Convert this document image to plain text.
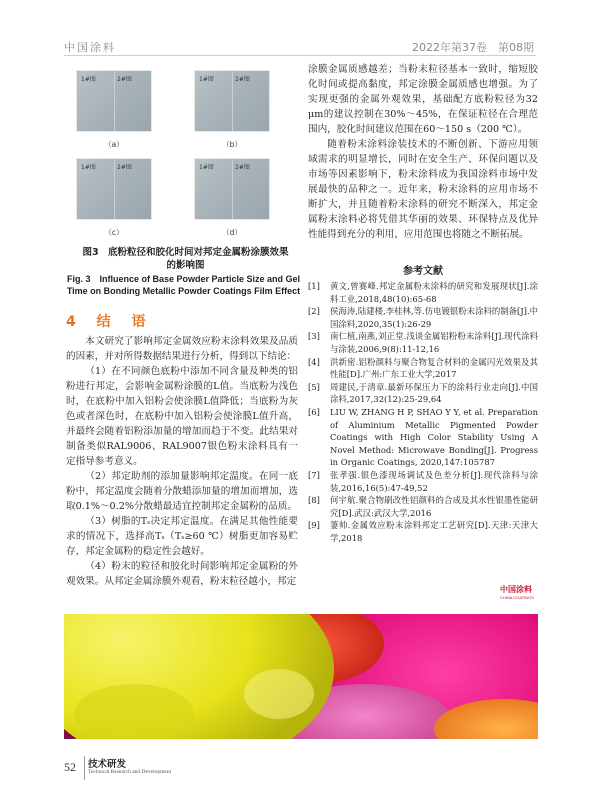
中国涂料	2022年第37卷　第08期
1#图	2#图
（a）
1#图	2#图
（b）
1#图	2#图
（c）
1#图	2#图
（d）
图3　底粉粒径和胶化时间对邦定金属粉涂膜效果的影响图
Fig. 3　Influence of Base Powder Particle Size and Gel Time on Bonding Metallic Powder Coatings Film Effect
4 结 语

本文研究了影响邦定金属效应粉末涂料效果及品质的因素，并对所得数据结果进行分析，得到以下结论：

（1）在不同颜色底粉中添加不同含量及种类的铝粉进行邦定，会影响金属粉涂膜的L值。当底粉为浅色时，在底粉中加入铝粉会使涂膜L值降低；当底粉为灰色或者深色时，在底粉中加入铝粉会使涂膜L值升高，并最终会随着铝粉添加量的增加而趋于不变。此结果对制备类似RAL9006、RAL9007银色粉末涂料具有一定指导参考意义。

（2）邦定助剂的添加量影响邦定温度。在同一底粉中，邦定温度会随着分散蜡添加量的增加而增加，选取0.1%～0.2%分散蜡最适宜控制邦定金属粉的品质。

（3）树脂的Tₛ决定邦定温度。在满足其他性能要求的情况下，选择高Tₛ（Tₛ≥60 ℃）树脂更加容易贮存，邦定金属粉的稳定性会越好。

（4）粉末的粒径和胶化时间影响邦定金属粉的外观效果。从邦定金属涂膜外观看，粉末粒径越小，邦定

涂膜金属质感越差；当粉末粒径基本一致时，缩短胶化时间或提高黏度，邦定涂膜金属质感也增强。为了实现更强的金属外观效果，基础配方底粉粒径为32 μm的建议控制在30%～45%，在保证粒径在合理范围内，胶化时间建议范围在60～150 s（200 ℃）。

随着粉末涂料涂装技术的不断创新、下游应用领域需求的明显增长，同时在安全生产、环保问题以及市场等因素影响下，粉末涂料成为我国涂料市场中发展最快的品种之一。近年来，粉末涂料的应用市场不断扩大，并且随着粉末涂料的研究不断深入，邦定金属粉末涂料必将凭借其华丽的效果、环保特点及优异性能得到充分的利用，应用范围也将随之不断拓展。

参考文献
[1]	黄文,曾赛峰.邦定金属粉末涂料的研究和发展现状[J].涂料工业,2018,48(10):65-68
[2]	侯海涛,陆建楼,李桂林,等.仿电镀银粉末涂料的制备[J].中国涂料,2020,35(1):26-29
[3]	南仁植,南燕,刘正堂.浅谈金属铝粉粉末涂料[J].现代涂料与涂装,2006,9(8):11-12,16
[4]	洪新密.铝粉颜料与聚合物复合材料的金属闪光效果及其性能[D].广州:广东工业大学,2017
[5]	周建民,于清章.最新环保压力下的涂料行业走向[J].中国涂料,2017,32(12):25-29,64
[6]	LIU W, ZHANG H P, SHAO Y Y, et al. Preparation of Aluminium Metallic Pigmented Powder Coatings with High Color Stability Using A Novel Method: Microwave Bonding[J]. Progress in Organic Coatings, 2020,147:105787
[7]	张孝强.银色漆现场调试及色差分析[J].现代涂料与涂装,2016,16(5):47-49,52
[8]	何宇航.聚合物刷改性铝颜料的合成及其水性银墨性能研究[D].武汉:武汉大学,2016
[9]	萋帅.金属效应粉末涂料邦定工艺研究[D].天津:天津大学,2018
中国涂料
CHINA COATINGS
52 技术研发
Technical Research and Development
